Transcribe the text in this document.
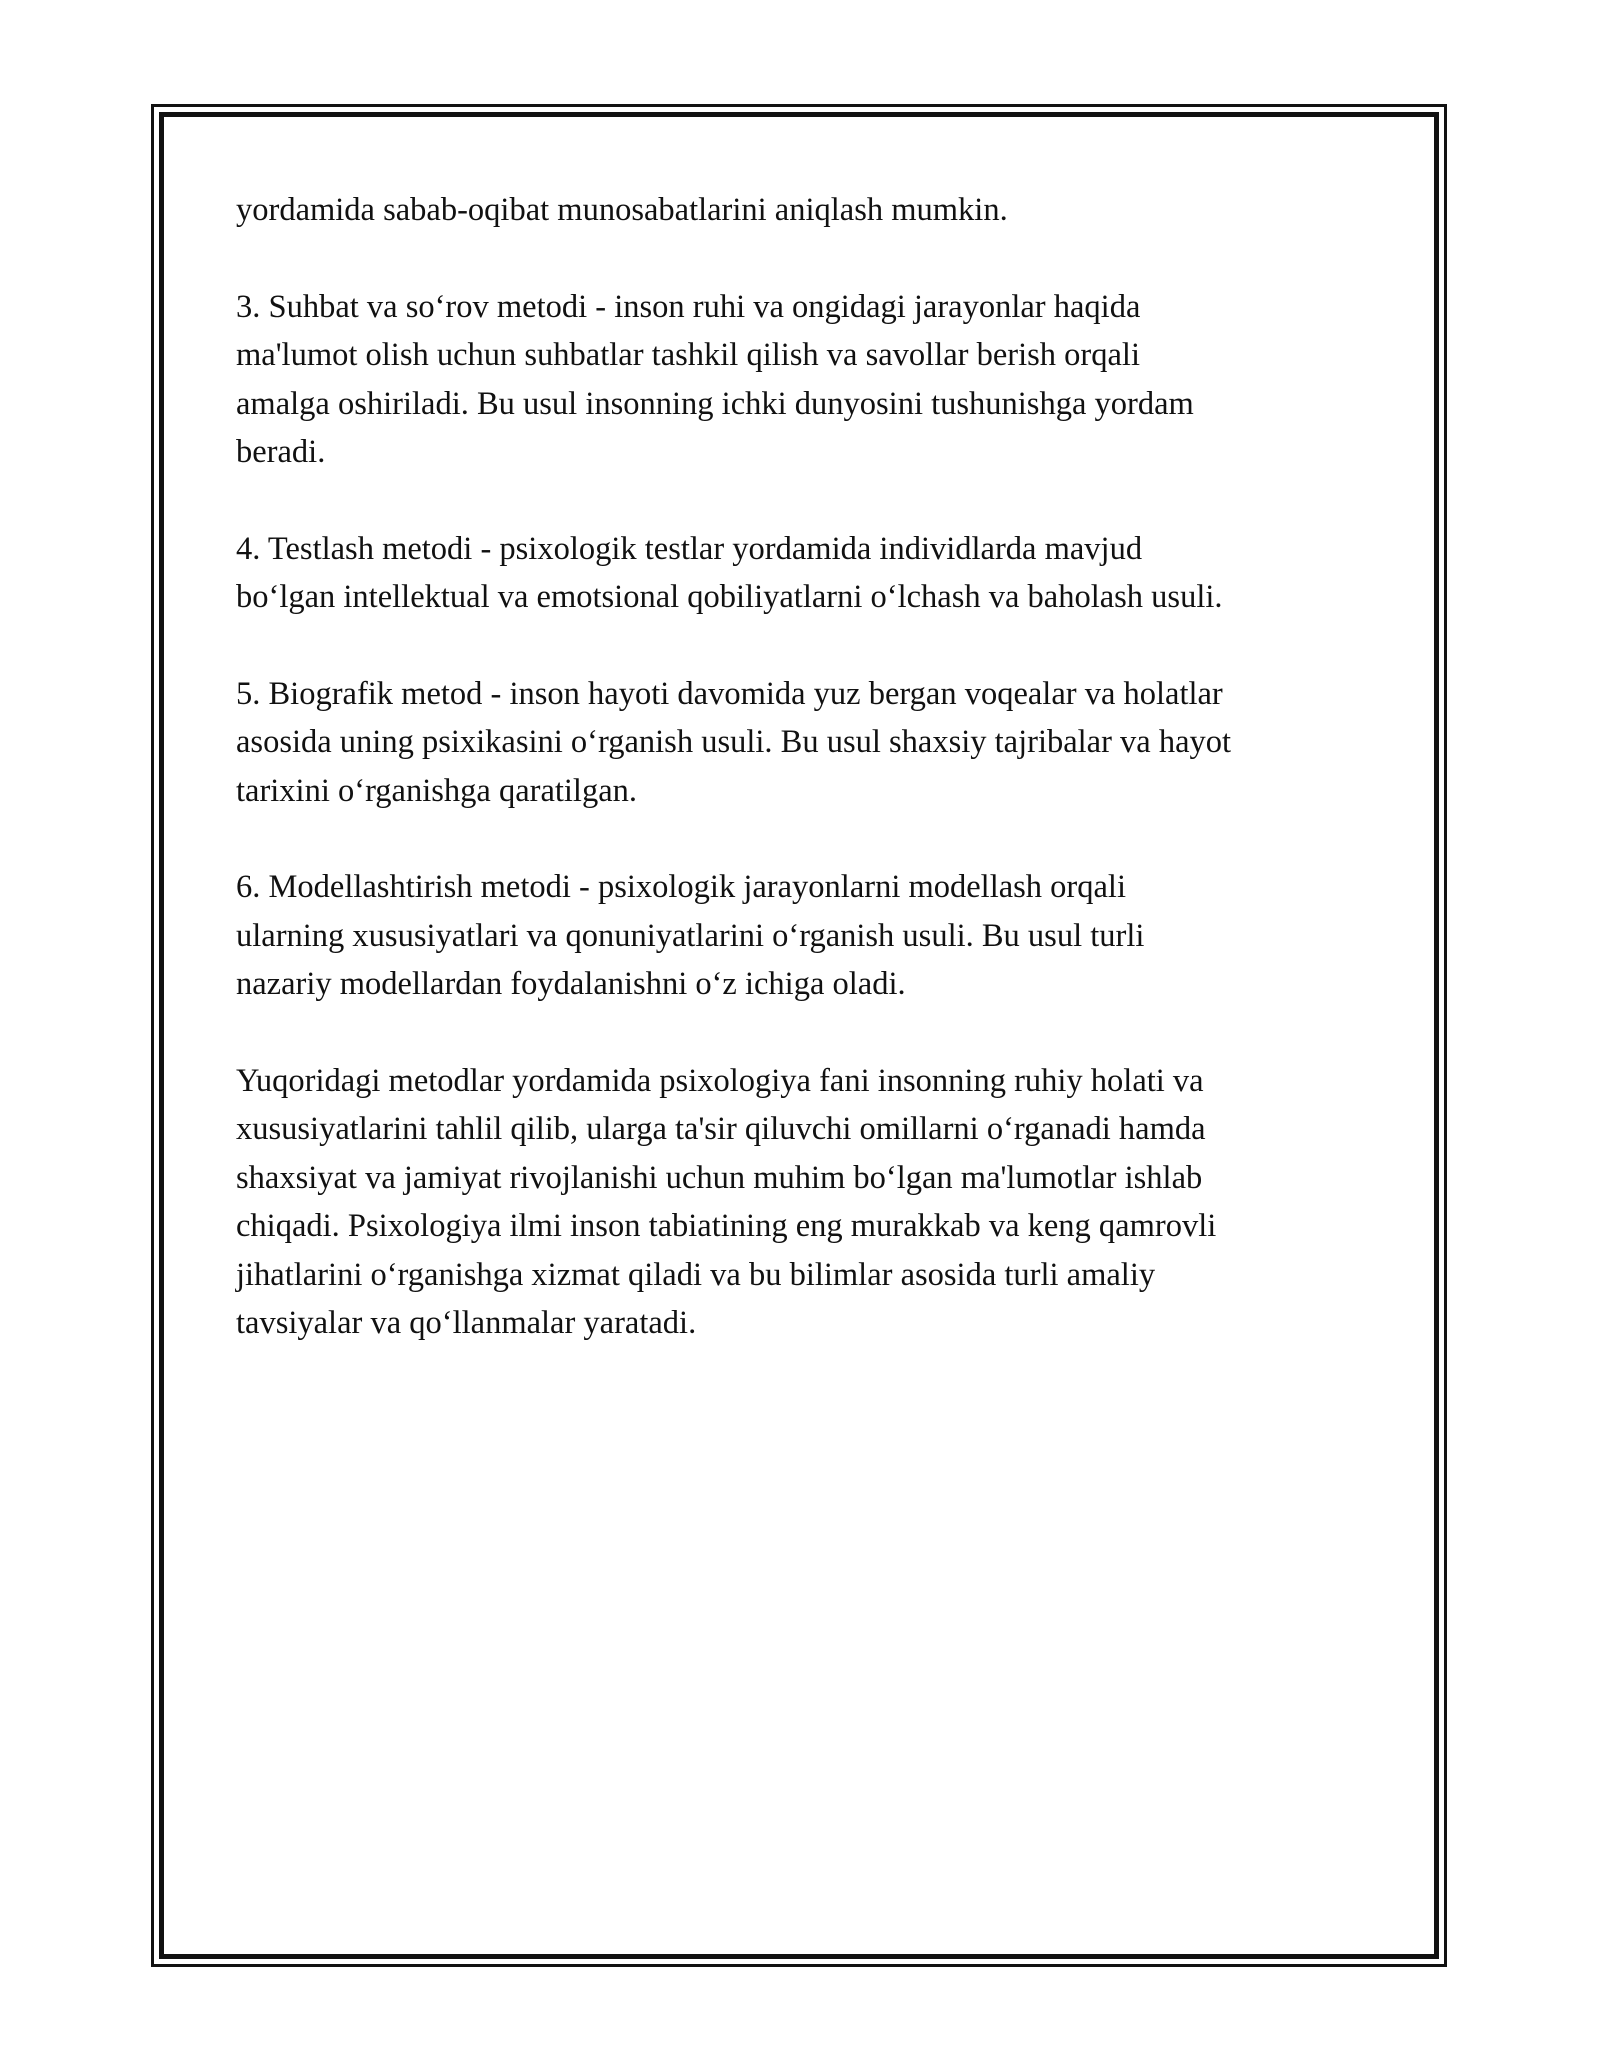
yordamida sabab-oqibat munosabatlarini aniqlash mumkin.

3. Suhbat va so‘rov metodi - inson ruhi va ongidagi jarayonlar haqida
ma'lumot olish uchun suhbatlar tashkil qilish va savollar berish orqali
amalga oshiriladi. Bu usul insonning ichki dunyosini tushunishga yordam
beradi.

4. Testlash metodi - psixologik testlar yordamida individlarda mavjud
bo‘lgan intellektual va emotsional qobiliyatlarni o‘lchash va baholash usuli.

5. Biografik metod - inson hayoti davomida yuz bergan voqealar va holatlar
asosida uning psixikasini o‘rganish usuli. Bu usul shaxsiy tajribalar va hayot
tarixini o‘rganishga qaratilgan.

6. Modellashtirish metodi - psixologik jarayonlarni modellash orqali
ularning xususiyatlari va qonuniyatlarini o‘rganish usuli. Bu usul turli
nazariy modellardan foydalanishni o‘z ichiga oladi.

Yuqoridagi metodlar yordamida psixologiya fani insonning ruhiy holati va
xususiyatlarini tahlil qilib, ularga ta'sir qiluvchi omillarni o‘rganadi hamda
shaxsiyat va jamiyat rivojlanishi uchun muhim bo‘lgan ma'lumotlar ishlab
chiqadi. Psixologiya ilmi inson tabiatining eng murakkab va keng qamrovli
jihatlarini o‘rganishga xizmat qiladi va bu bilimlar asosida turli amaliy
tavsiyalar va qo‘llanmalar yaratadi.
